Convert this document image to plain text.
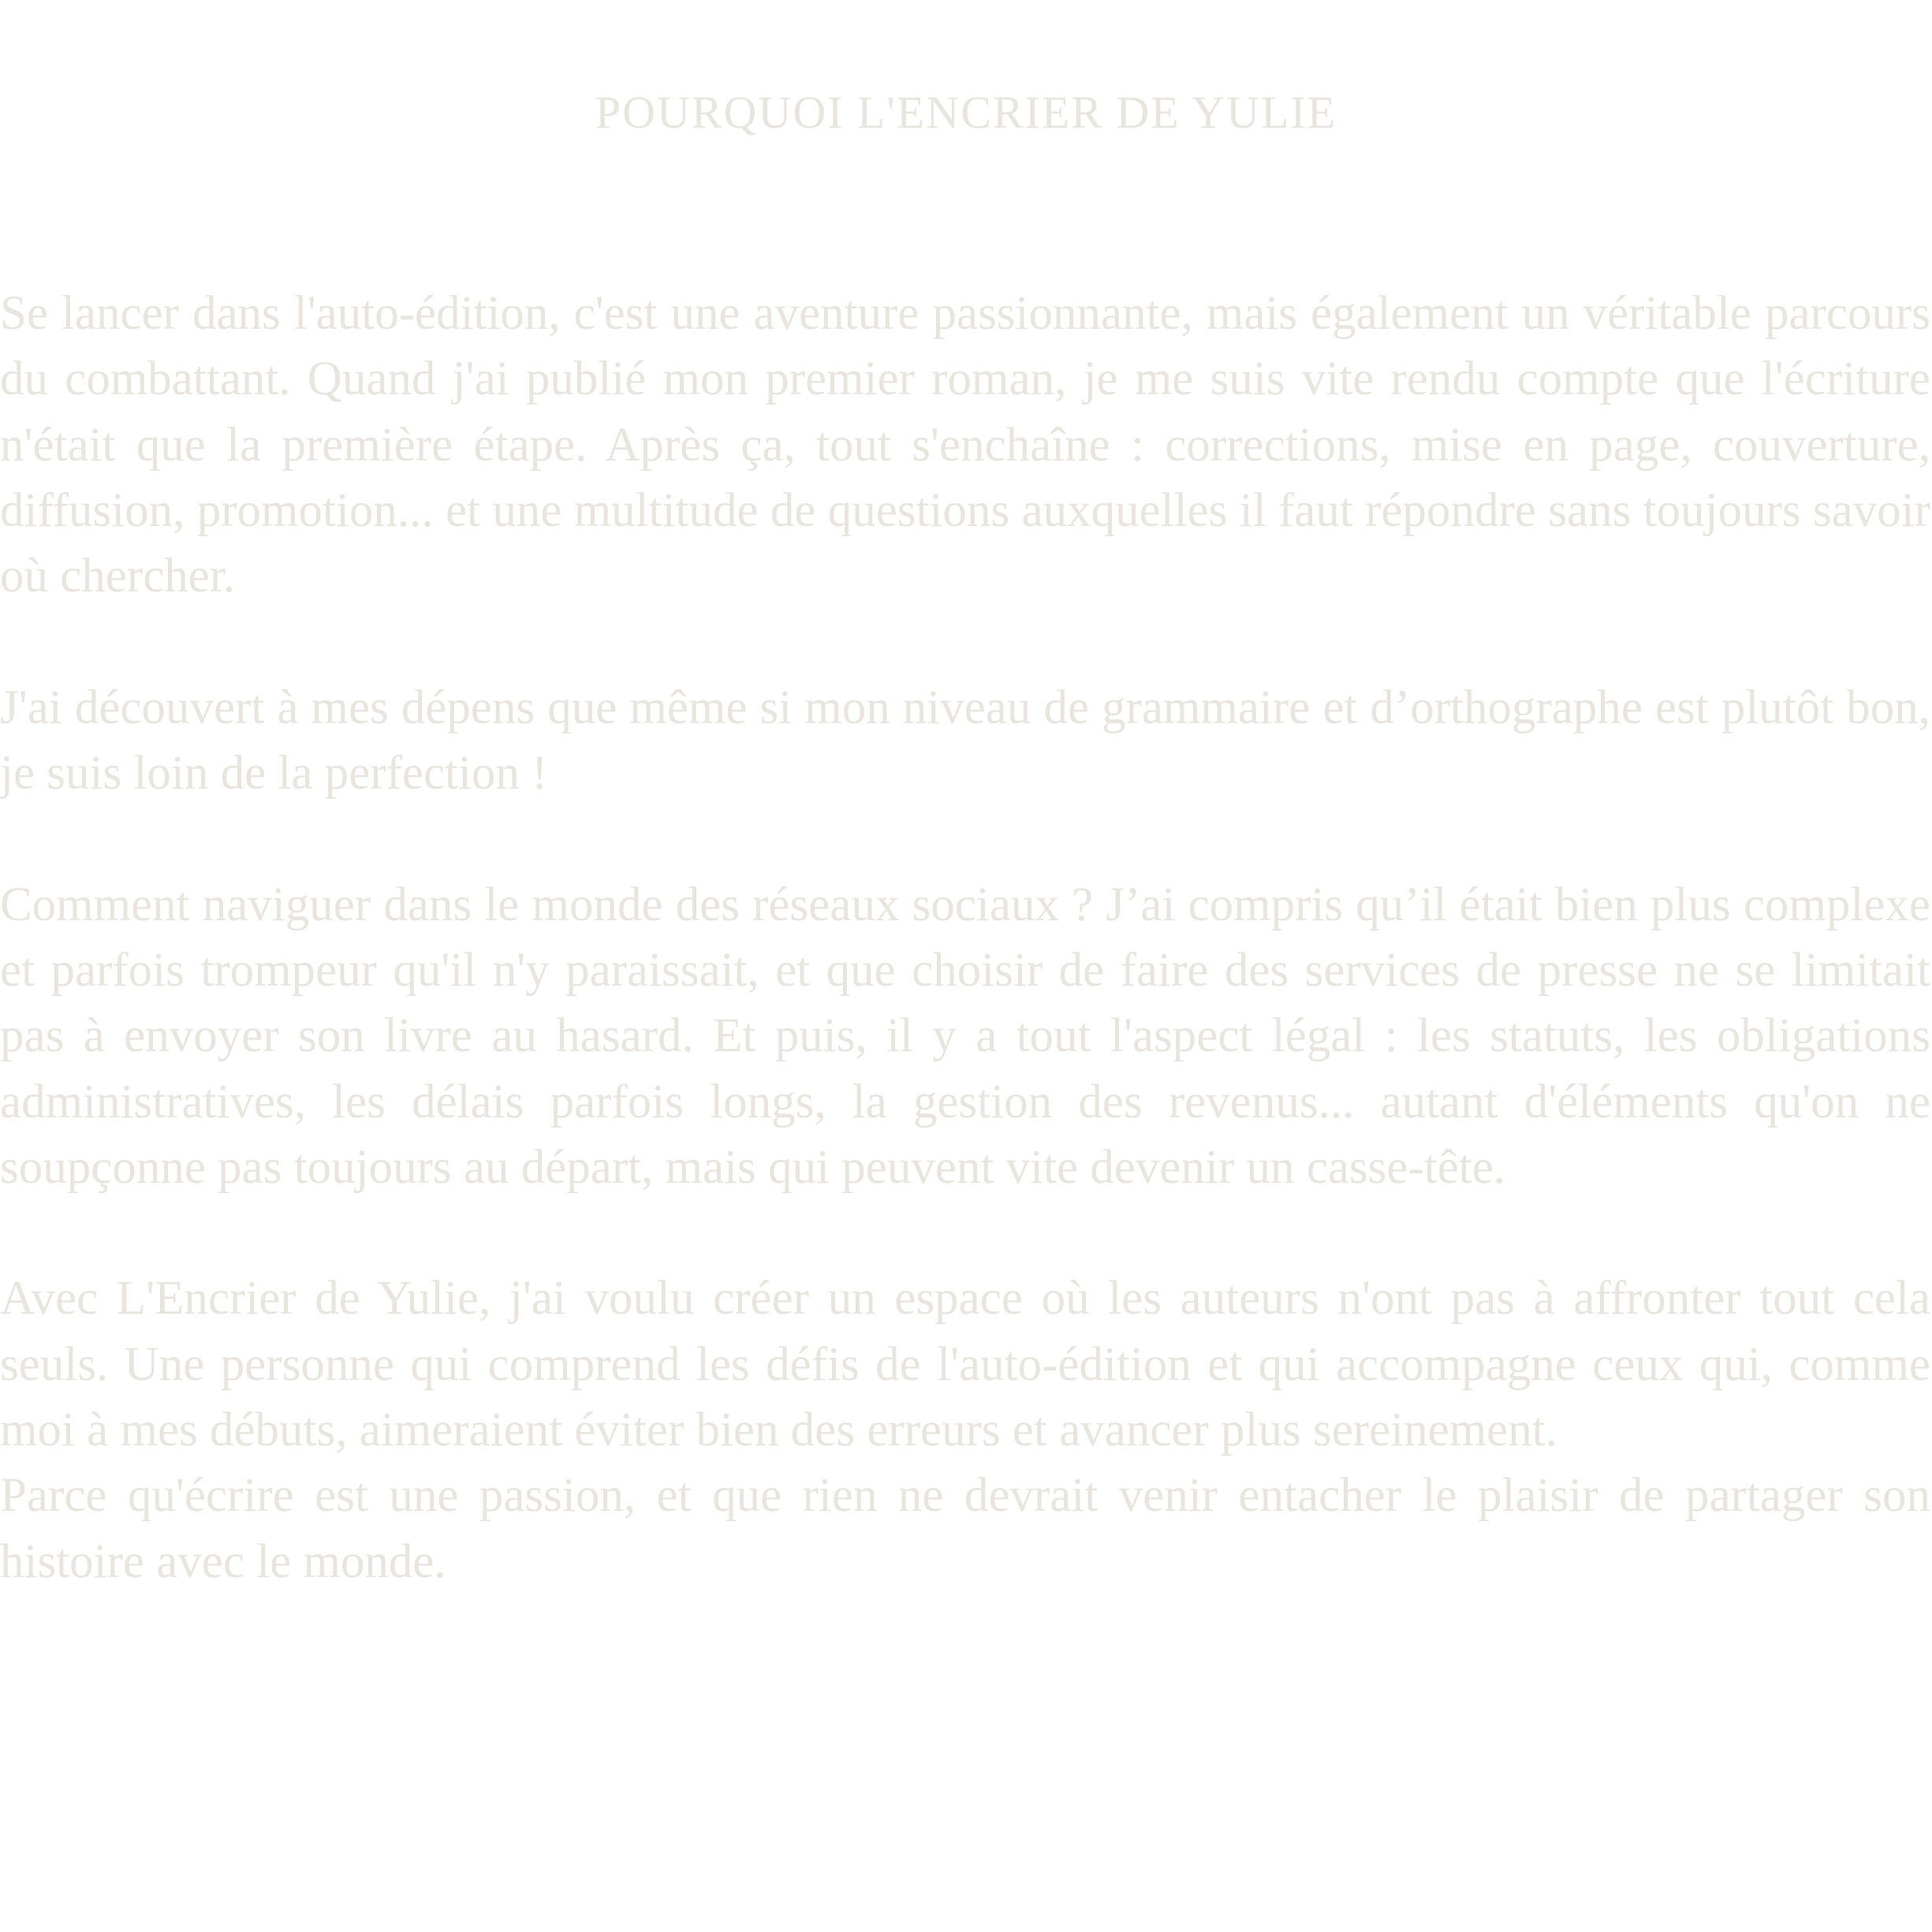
POURQUOI L'ENCRIER DE YULIE

Se lancer dans l'auto-édition, c'est une aventure passionnante, mais également un véritable parcours du combattant. Quand j'ai publié mon premier roman, je me suis vite rendu compte que l'écriture n'était que la première étape. Après ça, tout s'enchaîne : corrections, mise en page, couverture, diffusion, promotion... et une multitude de questions auxquelles il faut répondre sans toujours savoir où chercher.

J'ai découvert à mes dépens que même si mon niveau de grammaire et d’orthographe est plutôt bon, je suis loin de la perfection !

Comment naviguer dans le monde des réseaux sociaux ? J’ai compris qu’il était bien plus complexe et parfois trompeur qu'il n'y paraissait, et que choisir de faire des services de presse ne se limitait pas à envoyer son livre au hasard. Et puis, il y a tout l'aspect légal : les statuts, les obligations administratives, les délais parfois longs, la gestion des revenus... autant d'éléments qu'on ne soupçonne pas toujours au départ, mais qui peuvent vite devenir un casse-tête.

Avec L'Encrier de Yulie, j'ai voulu créer un espace où les auteurs n'ont pas à affronter tout cela seuls. Une personne qui comprend les défis de l'auto-édition et qui accompagne ceux qui, comme moi à mes débuts, aimeraient éviter bien des erreurs et avancer plus sereinement.

Parce qu'écrire est une passion, et que rien ne devrait venir entacher le plaisir de partager son histoire avec le monde.
